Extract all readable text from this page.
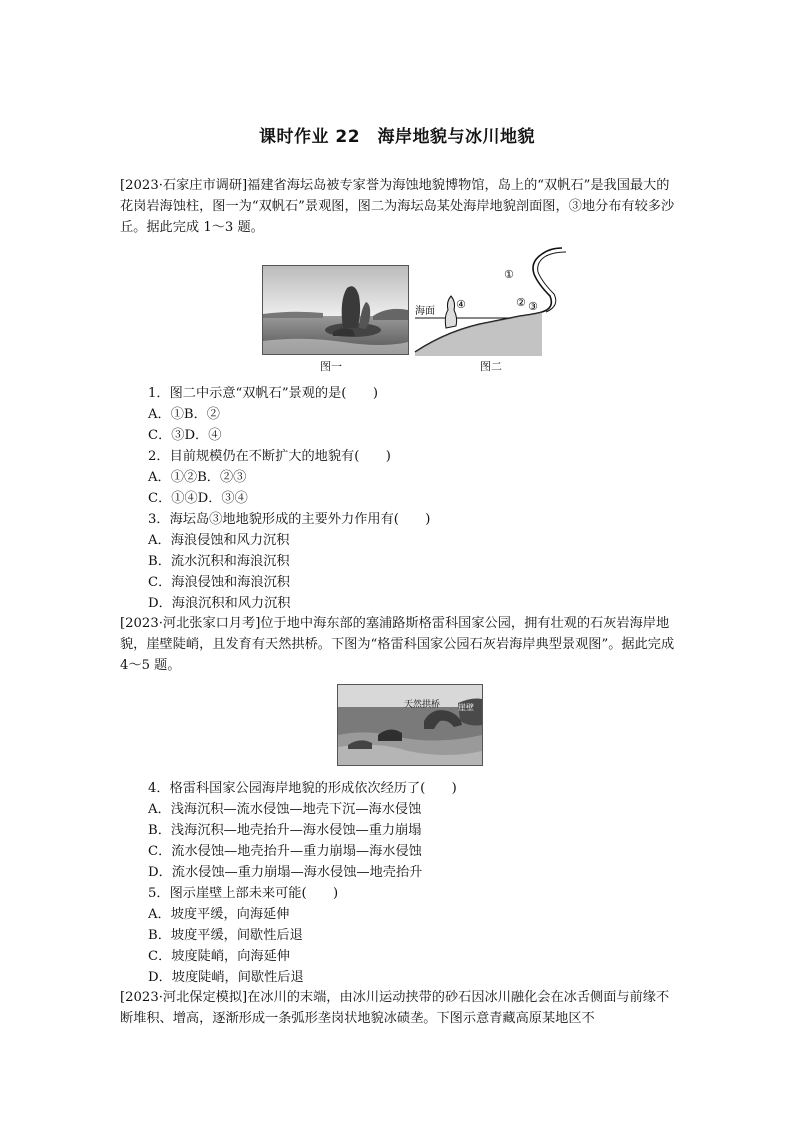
课时作业 22　海岸地貌与冰川地貌
[2023·石家庄市调研]福建省海坛岛被专家誉为海蚀地貌博物馆，岛上的“双帆石”是我国最大的花岗岩海蚀柱，图一为“双帆石”景观图，图二为海坛岛某处海岸地貌剖面图，③地分布有较多沙丘。据此完成 1～3 题。
图一
海面
④
①
② ③
图二
1．图二中示意“双帆石”景观的是(　　)
A．①B．②
C．③D．④
2．目前规模仍在不断扩大的地貌有(　　)
A．①②B．②③
C．①④D．③④
3．海坛岛③地地貌形成的主要外力作用有(　　)
A．海浪侵蚀和风力沉积
B．流水沉积和海浪沉积
C．海浪侵蚀和海浪沉积
D．海浪沉积和风力沉积
[2023·河北张家口月考]位于地中海东部的塞浦路斯格雷科国家公园，拥有壮观的石灰岩海岸地貌，崖壁陡峭，且发育有天然拱桥。下图为“格雷科国家公园石灰岩海岸典型景观图”。据此完成 4～5 题。
天然拱桥 崖壁
4．格雷科国家公园海岸地貌的形成依次经历了(　　)
A．浅海沉积—流水侵蚀—地壳下沉—海水侵蚀
B．浅海沉积—地壳抬升—海水侵蚀—重力崩塌
C．流水侵蚀—地壳抬升—重力崩塌—海水侵蚀
D．流水侵蚀—重力崩塌—海水侵蚀—地壳抬升
5．图示崖壁上部未来可能(　　)
A．坡度平缓，向海延伸
B．坡度平缓，间歇性后退
C．坡度陡峭，向海延伸
D．坡度陡峭，间歇性后退
[2023·河北保定模拟]在冰川的末端，由冰川运动挟带的砂石因冰川融化会在冰舌侧面与前缘不断堆积、增高，逐渐形成一条弧形垄岗状地貌冰碛垄。下图示意青藏高原某地区不
